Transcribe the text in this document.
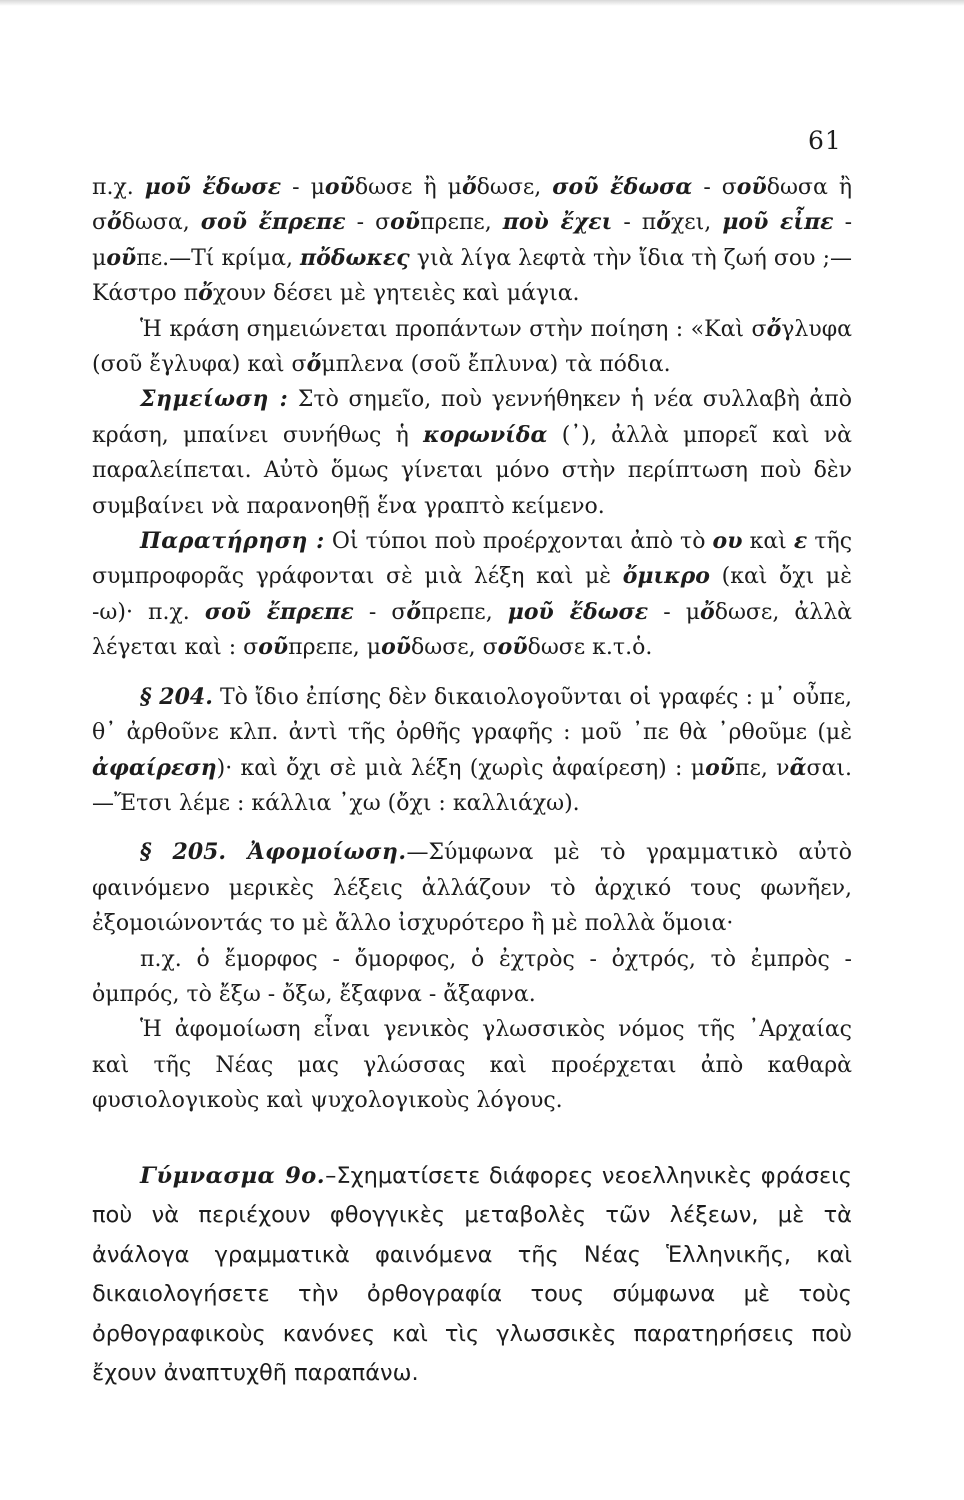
61

π.χ. μοῦ ἔδωσε - μοῦδωσε ἢ μὄδωσε, σοῦ ἔδωσα - σοῦδωσα ἢ σὄδωσα, σοῦ ἔπρεπε - σοῦπρεπε, ποὺ ἔχει - πὄχει, μοῦ εἶπε - μοῦπε.—Τί κρίμα, πὄδωκες γιὰ λίγα λεφτὰ τὴν ἴδια τὴ ζωή σου ;—Κάστρο πὄχουν δέσει μὲ γητειὲς καὶ μάγια.

Ἡ κράση σημειώνεται προπάντων στὴν ποίηση : «Καὶ σὄγλυφα (σοῦ ἔγλυφα) καὶ σὄμπλενα (σοῦ ἔπλυνα) τὰ πόδια.

Σημείωση : Στὸ σημεῖο, ποὺ γεννήθηκεν ἡ νέα συλλαβὴ ἀπὸ κράση, μπαίνει συνήθως ἡ κορωνίδα (᾿), ἀλλὰ μπορεῖ καὶ νὰ παραλείπεται. Αὐτὸ ὅμως γίνεται μόνο στὴν περίπτωση ποὺ δὲν συμβαίνει νὰ παρανοηθῇ ἕνα γραπτὸ κείμενο.

Παρατήρηση : Οἱ τύποι ποὺ προέρχονται ἀπὸ τὸ ου καὶ ε τῆς συμπροφορᾶς γράφονται σὲ μιὰ λέξη καὶ μὲ ὄμικρο (καὶ ὄχι μὲ -ω)· π.χ. σοῦ ἔπρεπε - σὄπρεπε, μοῦ ἔδωσε - μὄδωσε, ἀλλὰ λέγεται καὶ : σοῦπρεπε, μοῦδωσε, σοῦδωσε κ.τ.ὁ.

§ 204. Τὸ ἴδιο ἐπίσης δὲν δικαιολογοῦνται οἱ γραφές : μ᾿ οὖπε, θ᾿ ἀρθοῦνε κλπ. ἀντὶ τῆς ὀρθῆς γραφῆς : μοῦ ᾿πε θὰ ᾿ρθοῦμε (μὲ ἀφαίρεση)· καὶ ὄχι σὲ μιὰ λέξη (χωρὶς ἀφαίρεση) : μοῦπε, νᾶσαι.—Ἔτσι λέμε : κάλλια ᾿χω (ὄχι : καλλιάχω).

§ 205. Ἀφομοίωση.—Σύμφωνα μὲ τὸ γραμματικὸ αὐτὸ φαινόμενο μερικὲς λέξεις ἀλλάζουν τὸ ἀρχικό τους φωνῆεν, ἐξομοιώνοντάς το μὲ ἄλλο ἰσχυρότερο ἢ μὲ πολλὰ ὅμοια·

π.χ. ὁ ἔμορφος - ὄμορφος, ὁ ἐχτρὸς - ὀχτρός, τὸ ἐμπρὸς - ὀμπρός, τὸ ἔξω - ὄξω, ἔξαφνα - ἄξαφνα.

Ἡ ἀφομοίωση εἶναι γενικὸς γλωσσικὸς νόμος τῆς ᾿Αρχαίας καὶ τῆς Νέας μας γλώσσας καὶ προέρχεται ἀπὸ καθαρὰ φυσιολογικοὺς καὶ ψυχολογικοὺς λόγους.

Γύμνασμα 9ο.–Σχηματίσετε διάφορες νεοελληνικὲς φράσεις ποὺ νὰ περιέχουν φθογγικὲς μεταβολὲς τῶν λέξεων, μὲ τὰ ἀνάλογα γραμματικὰ φαινόμενα τῆς Νέας Ἑλληνικῆς, καὶ δικαιολογήσετε τὴν ὀρθογραφία τους σύμφωνα μὲ τοὺς ὀρθογραφικοὺς κανόνες καὶ τὶς γλωσσικὲς παρατηρήσεις ποὺ ἔχουν ἀναπτυχθῆ παραπάνω.
